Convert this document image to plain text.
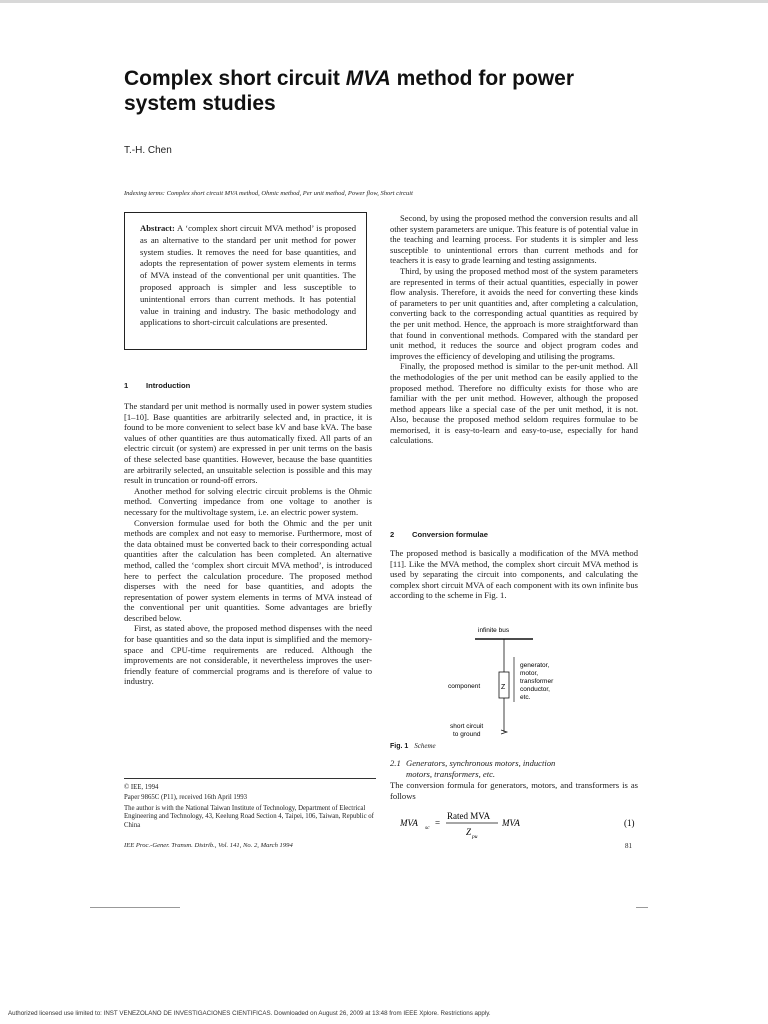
Complex short circuit MVA method for power system studies
T.-H. Chen
Indexing terms: Complex short circuit MVA method, Ohmic method, Per unit method, Power flow, Short circuit
Abstract: A ‘complex short circuit MVA method’ is proposed as an alternative to the standard per unit method for power system studies. It removes the need for base quantities, and adopts the representation of power system elements in terms of MVA instead of the conventional per unit quantities. The proposed approach is simpler and less susceptible to unintentional errors than current methods. It has potential value in training and industry. The basic methodology and applications to short-circuit calculations are presented.
1 Introduction

The standard per unit method is normally used in power system studies [1–10]. Base quantities are arbitrarily selected and, in practice, it is found to be more convenient to select base kV and base kVA. The base values of other quantities are thus automatically fixed. All parts of an electric circuit (or system) are expressed in per unit terms on the basis of these selected base quantities. However, because the base quantities are arbitrarily selected, an unsuitable selection is possible and this may result in truncation or round-off errors.

Another method for solving electric circuit problems is the Ohmic method. Converting impedance from one voltage to another is necessary for the multivoltage system, i.e. an electric power system.

Conversion formulae used for both the Ohmic and the per unit methods are complex and not easy to memorise. Furthermore, most of the data obtained must be converted back to their corresponding actual quantities after the calculation has been completed. An alternative method, called the ‘complex short circuit MVA method’, is introduced here to perfect the calculation procedure. The proposed method disperses with the need for base quantities, and adopts the representation of power system elements in terms of MVA instead of the conventional per unit quantities. Some advantages are briefly described below.

First, as stated above, the proposed method dispenses with the need for base quantities and so the data input is simplified and the memory-space and CPU-time requirements are reduced. Although the improvements are not considerable, it nevertheless improves the user-friendly feature of commercial programs and is therefore of value to industry.

© IEE, 1994
Paper 9865C (P11), received 16th April 1993
The author is with the National Taiwan Institute of Technology, Department of Electrical Engineering and Technology, 43, Keelung Road Section 4, Taipei, 106, Taiwan, Republic of China
IEE Proc.-Gener. Transm. Distrib., Vol. 141, No. 2, March 1994

Second, by using the proposed method the conversion results and all other system parameters are unique. This feature is of potential value in the teaching and learning process. For students it is simpler and less susceptible to unintentional errors than current methods and for teachers it is easy to grade learning and testing assignments.

Third, by using the proposed method most of the system parameters are represented in terms of their actual quantities, especially in power flow analysis. Therefore, it avoids the need for converting these kinds of parameters to per unit quantities and, after completing a calculation, converting back to the corresponding actual quantities as required by the per unit method. Hence, the approach is more straightforward than that found in conventional methods. Compared with the standard per unit method, it reduces the source and object program codes and improves the efficiency of developing and utilising the programs.

Finally, the proposed method is similar to the per-unit method. All the methodologies of the per unit method can be easily applied to the proposed method. Therefore no difficulty exists for those who are familiar with the per unit method. However, although the proposed method appears like a special case of the per unit method, it is not. Also, because the proposed method seldom requires formulae to be memorised, it is easy-to-learn and easy-to-use, especially for hand calculations.

2 Conversion formulae

The proposed method is basically a modification of the MVA method [11]. Like the MVA method, the complex short circuit MVA method is used by separating the circuit into components, and calculating the complex short circuit MVA of each component with its own infinite bus according to the scheme in Fig. 1.

infinite bus
Z
component
generator,
motor,
transformer
conductor,
etc.
short circuit
to ground
Fig. 1 Scheme
2.1 Generators, synchronous motors, induction
motors, transformers, etc.

The conversion formula for generators, motors, and transformers is as follows

MVA sc =
Rated MVA
Z pu
MVA	(1)
81
Authorized licensed use limited to: INST VENEZOLANO DE INVESTIGACIONES CIENTIFICAS. Downloaded on August 26, 2009 at 13:48 from IEEE Xplore. Restrictions apply.
